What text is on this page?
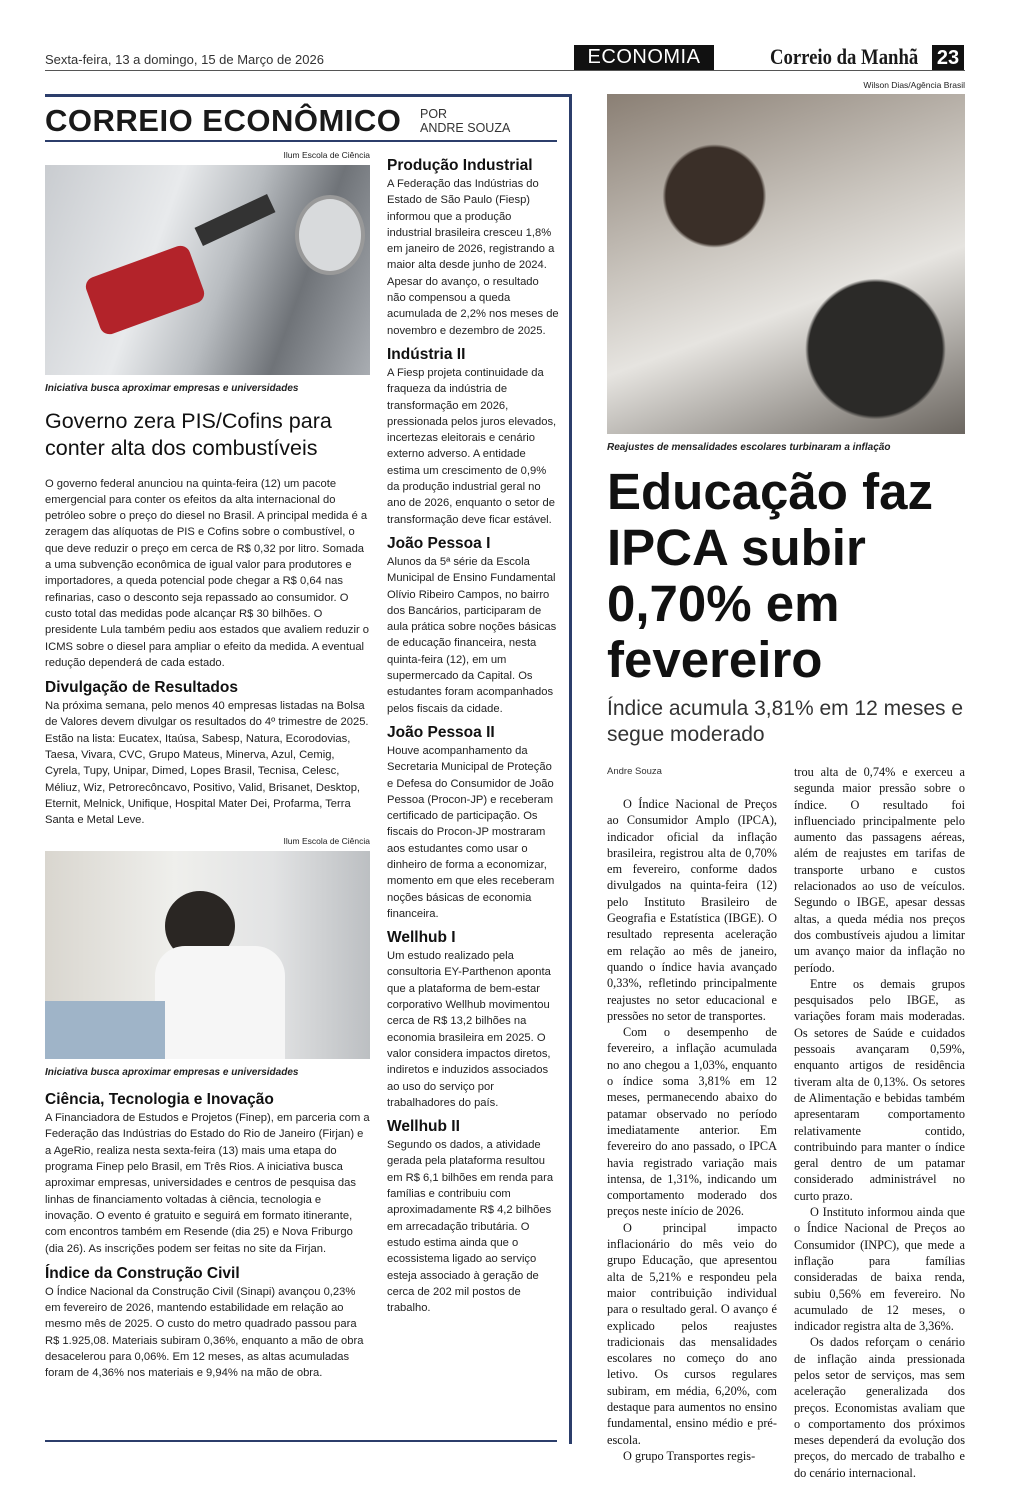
Sexta-feira, 13 a domingo, 15 de Março de 2026	ECONOMIA	Correio da Manhã 23
CORREIO ECONÔMICO POR
ANDRE SOUZA
Ilum Escola de Ciência
Iniciativa busca aproximar empresas e universidades
Governo zera PIS/Cofins para conter alta dos combustíveis

O governo federal anunciou na quinta-feira (12) um pacote emergencial para conter os efeitos da alta internacional do petróleo sobre o preço do diesel no Brasil. A principal medida é a zeragem das alíquotas de PIS e Cofins sobre o combustível, o que deve reduzir o preço em cerca de R$ 0,32 por litro. Somada a uma subvenção econômica de igual valor para produtores e importadores, a queda potencial pode chegar a R$ 0,64 nas refinarias, caso o desconto seja repassado ao consumidor. O custo total das medidas pode alcançar R$ 30 bilhões. O presidente Lula também pediu aos estados que avaliem reduzir o ICMS sobre o diesel para ampliar o efeito da medida. A eventual redução dependerá de cada estado.

Divulgação de Resultados

Na próxima semana, pelo menos 40 empresas listadas na Bolsa de Valores devem divulgar os resultados do 4º trimestre de 2025. Estão na lista: Eucatex, Itaúsa, Sabesp, Natura, Ecorodovias, Taesa, Vivara, CVC, Grupo Mateus, Minerva, Azul, Cemig, Cyrela, Tupy, Unipar, Dimed, Lopes Brasil, Tecnisa, Celesc, Méliuz, Wiz, Petrorecôncavo, Positivo, Valid, Brisanet, Desktop, Eternit, Melnick, Unifique, Hospital Mater Dei, Profarma, Terra Santa e Metal Leve.

Ilum Escola de Ciência
Iniciativa busca aproximar empresas e universidades
Ciência, Tecnologia e Inovação

A Financiadora de Estudos e Projetos (Finep), em parceria com a Federação das Indústrias do Estado do Rio de Janeiro (Firjan) e a AgeRio, realiza nesta sexta-feira (13) mais uma etapa do programa Finep pelo Brasil, em Três Rios. A iniciativa busca aproximar empresas, universidades e centros de pesquisa das linhas de financiamento voltadas à ciência, tecnologia e inovação. O evento é gratuito e seguirá em formato itinerante, com encontros também em Resende (dia 25) e Nova Friburgo (dia 26). As inscrições podem ser feitas no site da Firjan.

Índice da Construção Civil

O Índice Nacional da Construção Civil (Sinapi) avançou 0,23% em fevereiro de 2026, mantendo estabilidade em relação ao mesmo mês de 2025. O custo do metro quadrado passou para R$ 1.925,08. Materiais subiram 0,36%, enquanto a mão de obra desacelerou para 0,06%. Em 12 meses, as altas acumuladas foram de 4,36% nos materiais e 9,94% na mão de obra.

Produção Industrial

A Federação das Indústrias do Estado de São Paulo (Fiesp) informou que a produção industrial brasileira cresceu 1,8% em janeiro de 2026, registrando a maior alta desde junho de 2024. Apesar do avanço, o resultado não compensou a queda acumulada de 2,2% nos meses de novembro e dezembro de 2025.

Indústria II

A Fiesp projeta continuidade da fraqueza da indústria de transformação em 2026, pressionada pelos juros elevados, incertezas eleitorais e cenário externo adverso. A entidade estima um crescimento de 0,9% da produção industrial geral no ano de 2026, enquanto o setor de transformação deve ficar estável.

João Pessoa I

Alunos da 5ª série da Escola Municipal de Ensino Fundamental Olívio Ribeiro Campos, no bairro dos Bancários, participaram de aula prática sobre noções básicas de educação financeira, nesta quinta-feira (12), em um supermercado da Capital. Os estudantes foram acompanhados pelos fiscais da cidade.

João Pessoa II

Houve acompanhamento da Secretaria Municipal de Proteção e Defesa do Consumidor de João Pessoa (Procon-JP) e receberam certificado de participação. Os fiscais do Procon-JP mostraram aos estudantes como usar o dinheiro de forma a economizar, momento em que eles receberam noções básicas de economia financeira.

Wellhub I

Um estudo realizado pela consultoria EY-Parthenon aponta que a plataforma de bem-estar corporativo Wellhub movimentou cerca de R$ 13,2 bilhões na economia brasileira em 2025. O valor considera impactos diretos, indiretos e induzidos associados ao uso do serviço por trabalhadores do país.

Wellhub II

Segundo os dados, a atividade gerada pela plataforma resultou em R$ 6,1 bilhões em renda para famílias e contribuiu com aproximadamente R$ 4,2 bilhões em arrecadação tributária. O estudo estima ainda que o ecossistema ligado ao serviço esteja associado à geração de cerca de 202 mil postos de trabalho.

Wilson Dias/Agência Brasil
Reajustes de mensalidades escolares turbinaram a inflação
Educação faz IPCA subir 0,70% em fevereiro
Índice acumula 3,81% em 12 meses e segue moderado
Andre Souza

O Índice Nacional de Preços ao Consumidor Amplo (IPCA), indicador oficial da inflação brasileira, registrou alta de 0,70% em fevereiro, conforme dados divulgados na quinta-feira (12) pelo Instituto Brasileiro de Geografia e Estatística (IBGE). O resultado representa aceleração em relação ao mês de janeiro, quando o índice havia avançado 0,33%, refletindo principalmente reajustes no setor educacional e pressões no setor de transportes.

Com o desempenho de fevereiro, a inflação acumulada no ano chegou a 1,03%, enquanto o índice soma 3,81% em 12 meses, permanecendo abaixo do patamar observado no período imediatamente anterior. Em fevereiro do ano passado, o IPCA havia registrado variação mais intensa, de 1,31%, indicando um comportamento moderado dos preços neste início de 2026.

O principal impacto inflacionário do mês veio do grupo Educação, que apresentou alta de 5,21% e respondeu pela maior contribuição individual para o resultado geral. O avanço é explicado pelos reajustes tradicionais das mensalidades escolares no começo do ano letivo. Os cursos regulares subiram, em média, 6,20%, com destaque para aumentos no ensino fundamental, ensino médio e pré-escola.

O grupo Transportes regis-

trou alta de 0,74% e exerceu a segunda maior pressão sobre o índice. O resultado foi influenciado principalmente pelo aumento das passagens aéreas, além de reajustes em tarifas de transporte urbano e custos relacionados ao uso de veículos. Segundo o IBGE, apesar dessas altas, a queda média nos preços dos combustíveis ajudou a limitar um avanço maior da inflação no período.

Entre os demais grupos pesquisados pelo IBGE, as variações foram mais moderadas. Os setores de Saúde e cuidados pessoais avançaram 0,59%, enquanto artigos de residência tiveram alta de 0,13%. Os setores de Alimentação e bebidas também apresentaram comportamento relativamente contido, contribuindo para manter o índice geral dentro de um patamar considerado administrável no curto prazo.

O Instituto informou ainda que o Índice Nacional de Preços ao Consumidor (INPC), que mede a inflação para famílias consideradas de baixa renda, subiu 0,56% em fevereiro. No acumulado de 12 meses, o indicador registra alta de 3,36%.

Os dados reforçam o cenário de inflação ainda pressionada pelos setor de serviços, mas sem aceleração generalizada dos preços. Economistas avaliam que o comportamento dos próximos meses dependerá da evolução dos preços, do mercado de trabalho e do cenário internacional.
